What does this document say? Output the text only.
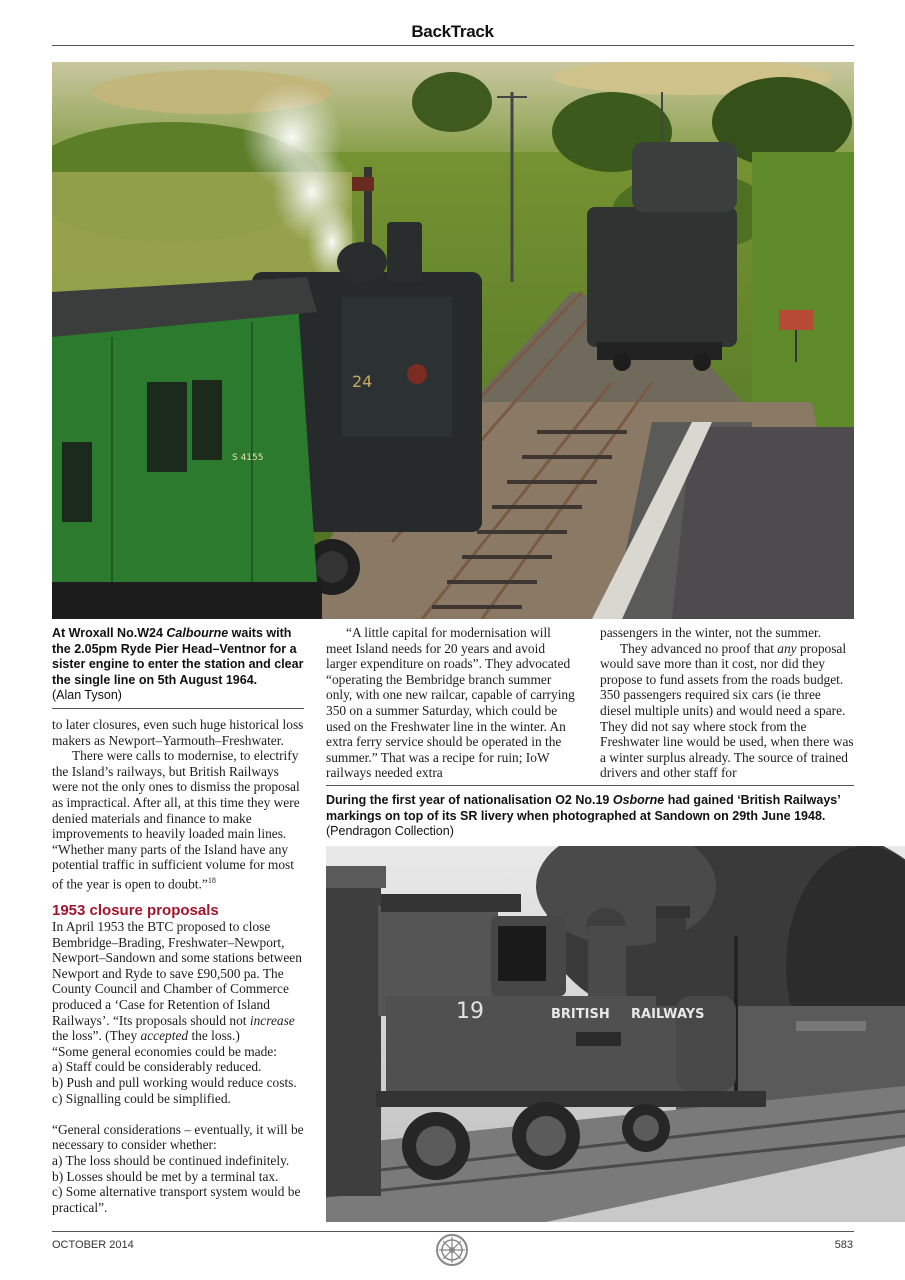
BackTrack
24
S 4155
At Wroxall No.W24 Calbourne waits with the 2.05pm Ryde Pier Head–Ventnor for a sister engine to enter the station and clear the single line on 5th August 1964.
(Alan Tyson)

to later closures, even such huge historical loss makers as Newport–Yarmouth–Freshwater.

There were calls to modernise, to electrify the Island’s railways, but British Railways were not the only ones to dismiss the proposal as impractical. After all, at this time they were denied materials and finance to make improvements to heavily loaded main lines. “Whether many parts of the Island have any potential traffic in sufficient volume for most of the year is open to doubt.”$^{18}$

1953 closure proposals

In April 1953 the BTC proposed to close Bembridge–Brading, Freshwater–Newport, Newport–Sandown and some stations between Newport and Ryde to save £90,500 pa. The County Council and Chamber of Commerce produced a ‘Case for Retention of Island Railways’. “Its proposals should not increase the loss”. (They accepted the loss.)

“Some general economies could be made:

a) Staff could be considerably reduced.

b) Push and pull working would reduce costs.

c) Signalling could be simplified.

“General considerations – eventually, it will be necessary to consider whether:

a) The loss should be continued indefinitely.

b) Losses should be met by a terminal tax.

c) Some alternative transport system would be practical”.

“A little capital for modernisation will meet Island needs for 20 years and avoid larger expenditure on roads”. They advocated “operating the Bembridge branch summer only, with one new railcar, capable of carrying 350 on a summer Saturday, which could be used on the Freshwater line in the winter. An extra ferry service should be operated in the summer.” That was a recipe for ruin; IoW railways needed extra

passengers in the winter, not the summer.

They advanced no proof that any proposal would save more than it cost, nor did they propose to fund assets from the roads budget. 350 passengers required six cars (ie three diesel multiple units) and would need a spare. They did not say where stock from the Freshwater line would be used, when there was a winter surplus already. The source of trained drivers and other staff for

During the first year of nationalisation O2 No.19 Osborne had gained ‘British Railways’ markings on top of its SR livery when photographed at Sandown on 29th June 1948.
(Pendragon Collection)
19	BRITISH RAILWAYS
OCTOBER 2014	583
